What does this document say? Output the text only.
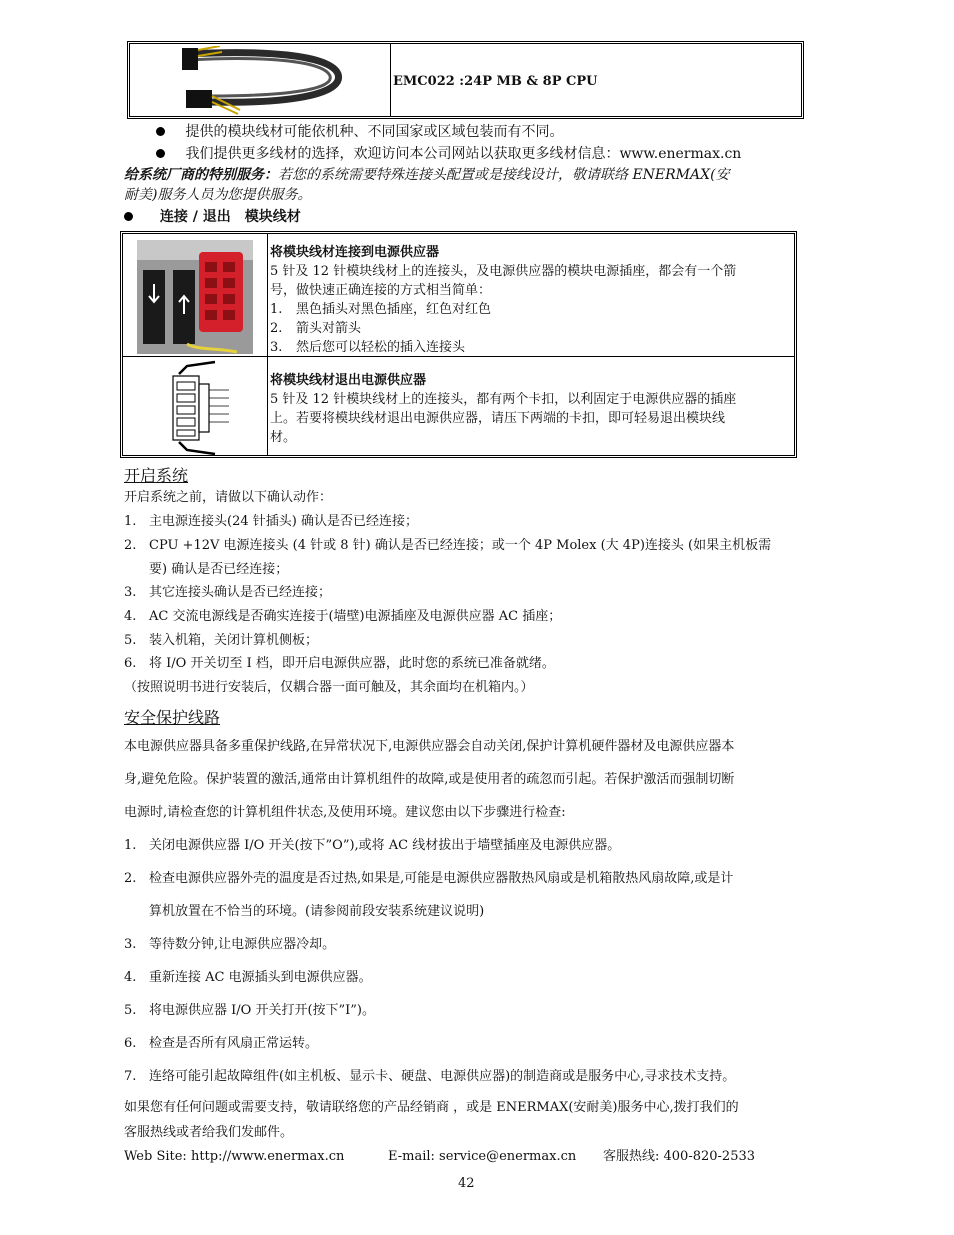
EMC022 :24P MB & 8P CPU
提供的模块线材可能依机种、不同国家或区域包装而有不同。
我们提供更多线材的选择，欢迎访问本公司网站以获取更多线材信息：www.enermax.cn
给系统厂商的特别服务：若您的系统需要特殊连接头配置或是接线设计，敬请联络 ENERMAX(安
耐美)服务人员为您提供服务。
连接 / 退出　模块线材

将模块线材连接到电源供应器

5 针及 12 针模块线材上的连接头，及电源供应器的模块电源插座，都会有一个箭

号，做快速正确连接的方式相当简单：

1. 黑色插头对黑色插座，红色对红色

2. 箭头对箭头

3. 然后您可以轻松的插入连接头

将模块线材退出电源供应器

5 针及 12 针模块线材上的连接头，都有两个卡扣，以利固定于电源供应器的插座

上。若要将模块线材退出电源供应器，请压下两端的卡扣，即可轻易退出模块线

材。

开启系统
开启系统之前，请做以下确认动作：
1. 主电源连接头(24 针插头) 确认是否已经连接；
2. CPU +12V 电源连接头 (4 针或 8 针) 确认是否已经连接；或一个 4P Molex (大 4P)连接头 (如果主机板需
要) 确认是否已经连接；
3. 其它连接头确认是否已经连接；
4. AC 交流电源线是否确实连接于(墙壁)电源插座及电源供应器 AC 插座；
5. 装入机箱，关闭计算机侧板；
6. 将 I/O 开关切至 I 档，即开启电源供应器，此时您的系统已准备就绪。
（按照说明书进行安装后，仅耦合器一面可触及，其余面均在机箱内。）
安全保护线路
本电源供应器具备多重保护线路,在异常状况下,电源供应器会自动关闭,保护计算机硬件器材及电源供应器本
身,避免危险。保护装置的激活,通常由计算机组件的故障,或是使用者的疏忽而引起。若保护激活而强制切断
电源时,请检查您的计算机组件状态,及使用环境。建议您由以下步骤进行检查:
1. 关闭电源供应器 I/O 开关(按下”O”),或将 AC 线材拔出于墙壁插座及电源供应器。
2. 检查电源供应器外壳的温度是否过热,如果是,可能是电源供应器散热风扇或是机箱散热风扇故障,或是计
算机放置在不恰当的环境。(请参阅前段安装系统建议说明)
3. 等待数分钟,让电源供应器冷却。
4. 重新连接 AC 电源插头到电源供应器。
5. 将电源供应器 I/O 开关打开(按下”I”)。
6. 检查是否所有风扇正常运转。
7. 连络可能引起故障组件(如主机板、显示卡、硬盘、电源供应器)的制造商或是服务中心,寻求技术支持。
如果您有任何问题或需要支持，敬请联络您的产品经销商 ，或是 ENERMAX(安耐美)服务中心,拨打我们的
客服热线或者给我们发邮件。
Web Site: http://www.enermax.cn	E-mail: service@enermax.cn 客服热线: 400-820-2533
42
